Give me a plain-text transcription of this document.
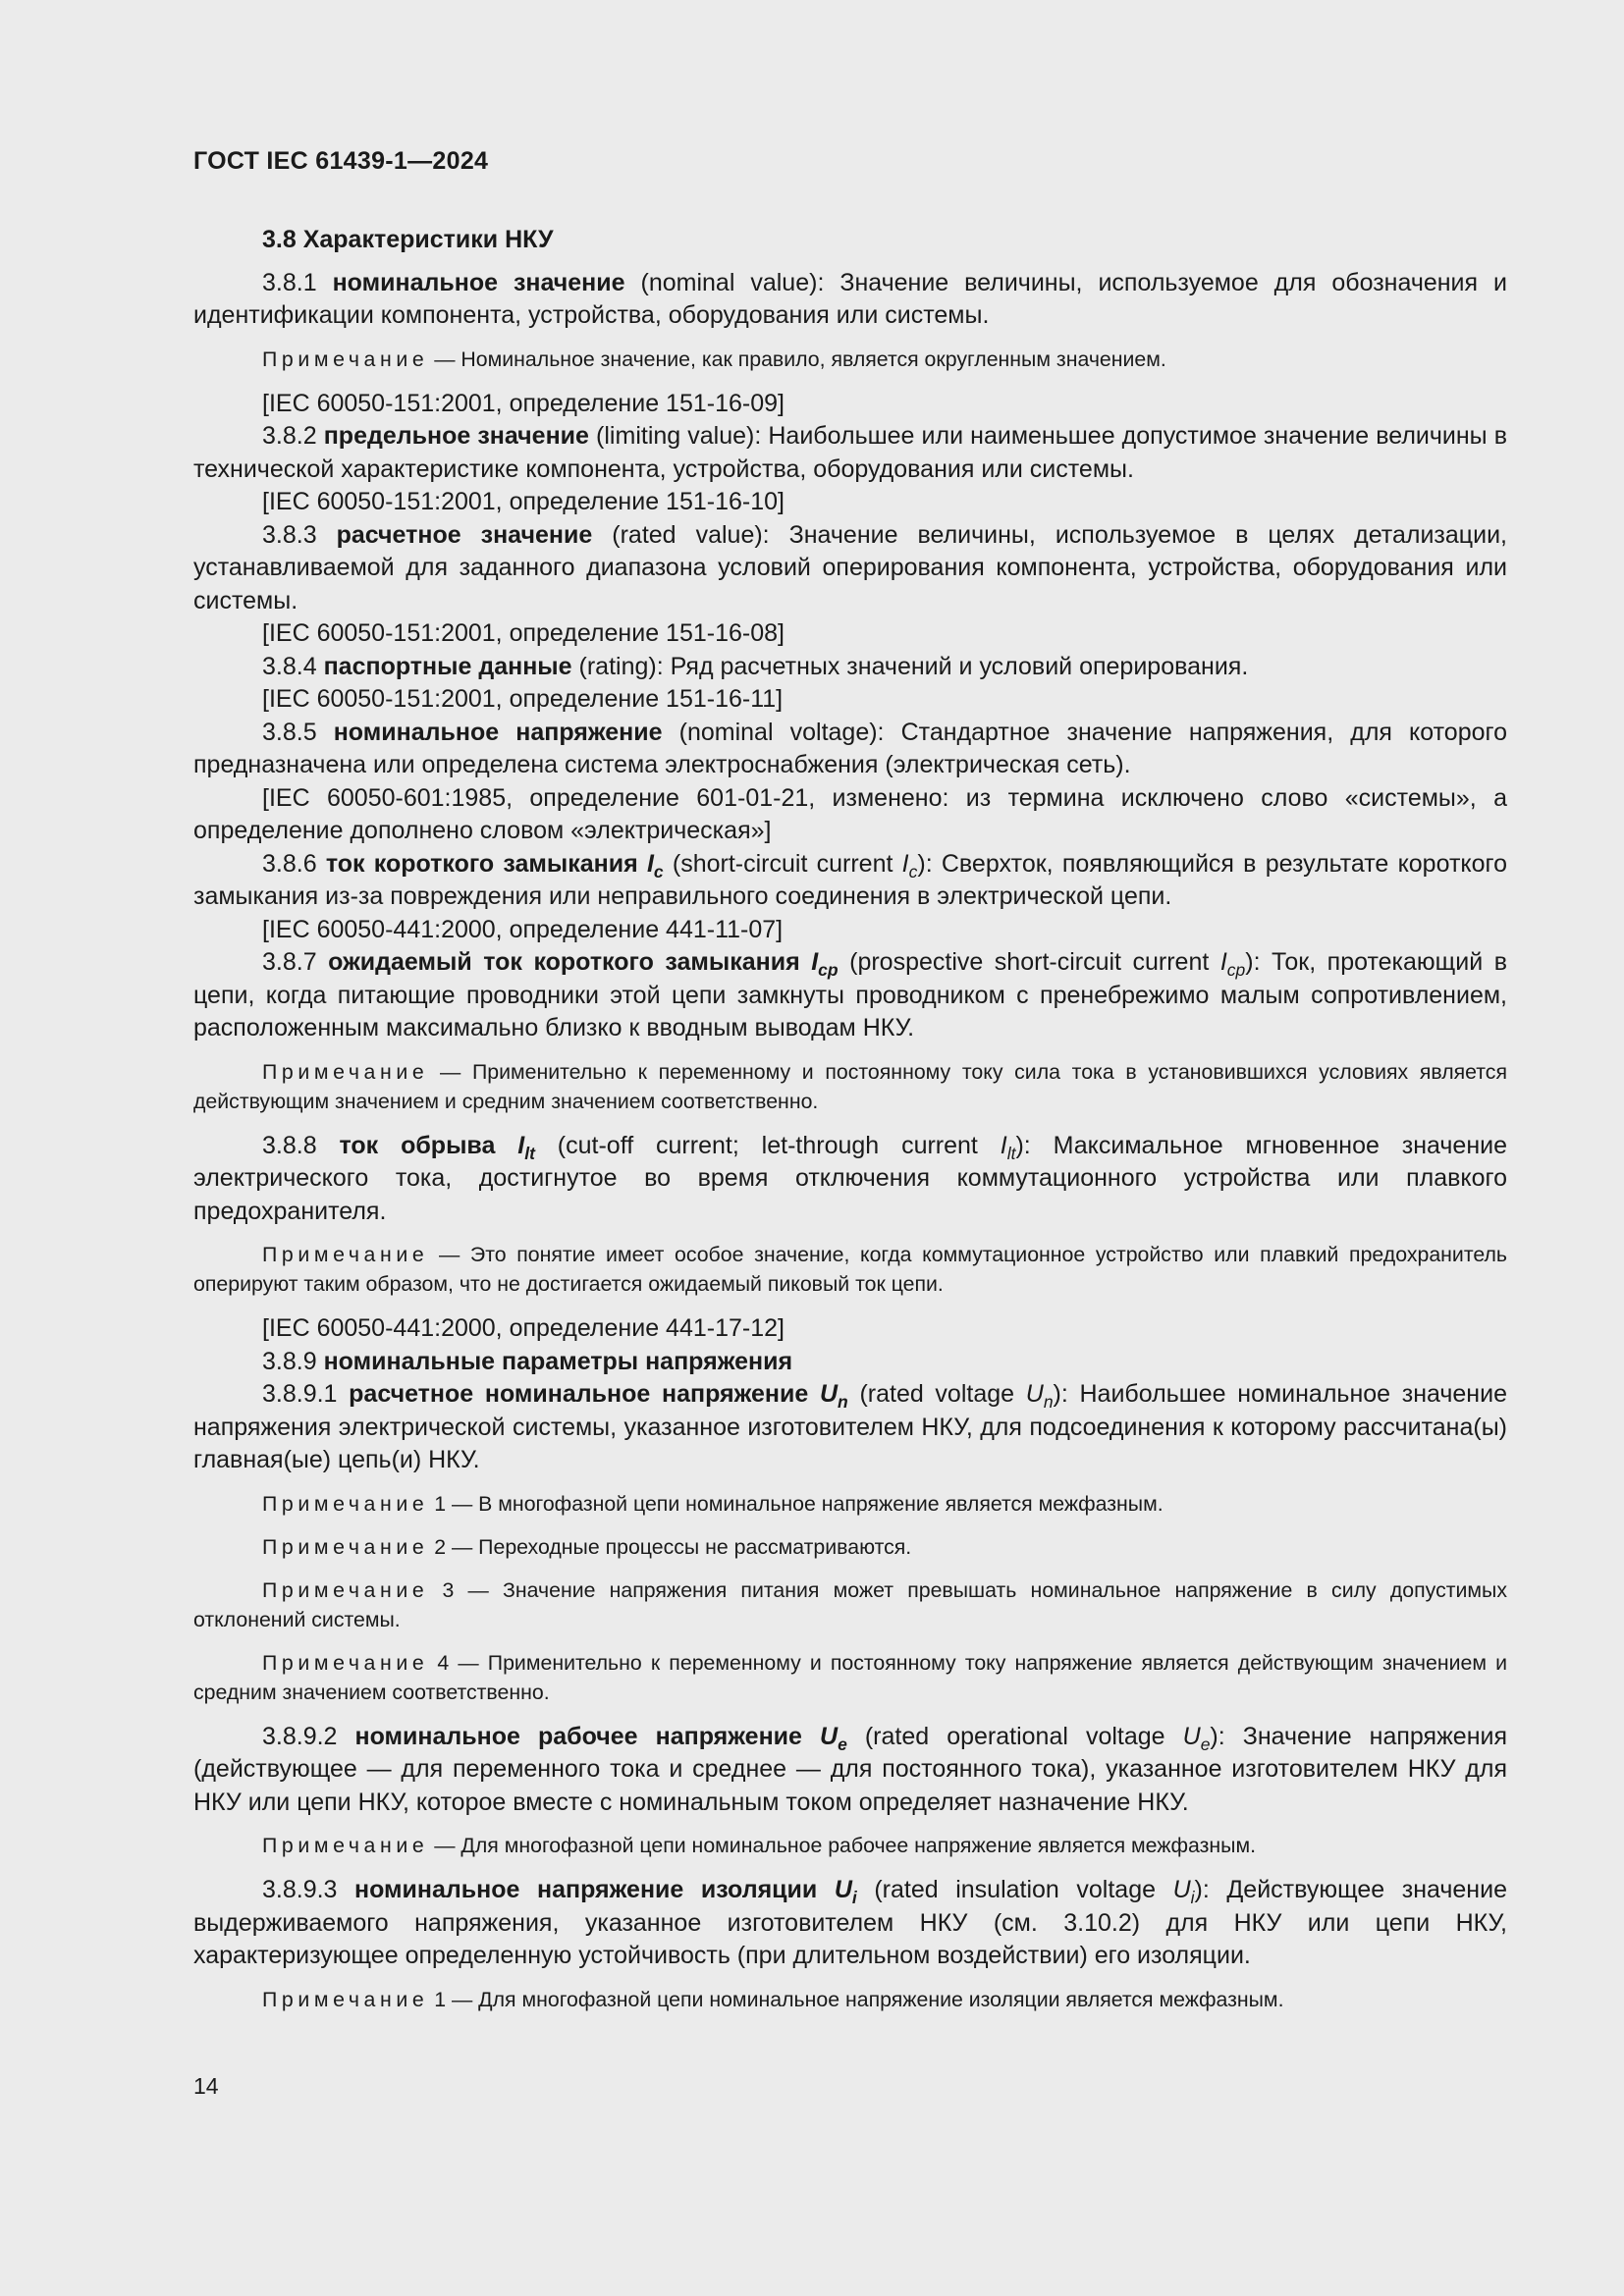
ГОСТ IEC 61439-1—2024

3.8 Характеристики НКУ

3.8.1 номинальное значение (nominal value): Значение величины, используемое для обозначения и идентификации компонента, устройства, оборудования или системы.

Примечание — Номинальное значение, как правило, является округленным значением.

[IEC 60050-151:2001, определение 151-16-09]

3.8.2 предельное значение (limiting value): Наибольшее или наименьшее допустимое значение величины в технической характеристике компонента, устройства, оборудования или системы.

[IEC 60050-151:2001, определение 151-16-10]

3.8.3 расчетное значение (rated value): Значение величины, используемое в целях детализации, устанавливаемой для заданного диапазона условий оперирования компонента, устройства, оборудования или системы.

[IEC 60050-151:2001, определение 151-16-08]

3.8.4 паспортные данные (rating): Ряд расчетных значений и условий оперирования.

[IEC 60050-151:2001, определение 151-16-11]

3.8.5 номинальное напряжение (nominal voltage): Стандартное значение напряжения, для которого предназначена или определена система электроснабжения (электрическая сеть).

[IEC 60050-601:1985, определение 601-01-21, изменено: из термина исключено слово «системы», а определение дополнено словом «электрическая»]

3.8.6 ток короткого замыкания $I_c$ (short-circuit current $I_c$): Сверхток, появляющийся в результате короткого замыкания из-за повреждения или неправильного соединения в электрической цепи.

[IEC 60050-441:2000, определение 441-11-07]

3.8.7 ожидаемый ток короткого замыкания $I_{cp}$ (prospective short-circuit current $I_{cp}$): Ток, протекающий в цепи, когда питающие проводники этой цепи замкнуты проводником с пренебрежимо малым сопротивлением, расположенным максимально близко к вводным выводам НКУ.

Примечание — Применительно к переменному и постоянному току сила тока в установившихся условиях является действующим значением и средним значением соответственно.

3.8.8 ток обрыва $I_{lt}$ (cut-off current; let-through current $I_{lt}$): Максимальное мгновенное значение электрического тока, достигнутое во время отключения коммутационного устройства или плавкого предохранителя.

Примечание — Это понятие имеет особое значение, когда коммутационное устройство или плавкий предохранитель оперируют таким образом, что не достигается ожидаемый пиковый ток цепи.

[IEC 60050-441:2000, определение 441-17-12]

3.8.9 номинальные параметры напряжения

3.8.9.1 расчетное номинальное напряжение $U_n$ (rated voltage $U_n$): Наибольшее номинальное значение напряжения электрической системы, указанное изготовителем НКУ, для подсоединения к которому рассчитана(ы) главная(ые) цепь(и) НКУ.

Примечание 1 — В многофазной цепи номинальное напряжение является межфазным.

Примечание 2 — Переходные процессы не рассматриваются.

Примечание 3 — Значение напряжения питания может превышать номинальное напряжение в силу допустимых отклонений системы.

Примечание 4 — Применительно к переменному и постоянному току напряжение является действующим значением и средним значением соответственно.

3.8.9.2 номинальное рабочее напряжение $U_e$ (rated operational voltage $U_e$): Значение напряжения (действующее — для переменного тока и среднее — для постоянного тока), указанное изготовителем НКУ для НКУ или цепи НКУ, которое вместе с номинальным током определяет назначение НКУ.

Примечание — Для многофазной цепи номинальное рабочее напряжение является межфазным.

3.8.9.3 номинальное напряжение изоляции $U_i$ (rated insulation voltage $U_i$): Действующее значение выдерживаемого напряжения, указанное изготовителем НКУ (см. 3.10.2) для НКУ или цепи НКУ, характеризующее определенную устойчивость (при длительном воздействии) его изоляции.

Примечание 1 — Для многофазной цепи номинальное напряжение изоляции является межфазным.

14
